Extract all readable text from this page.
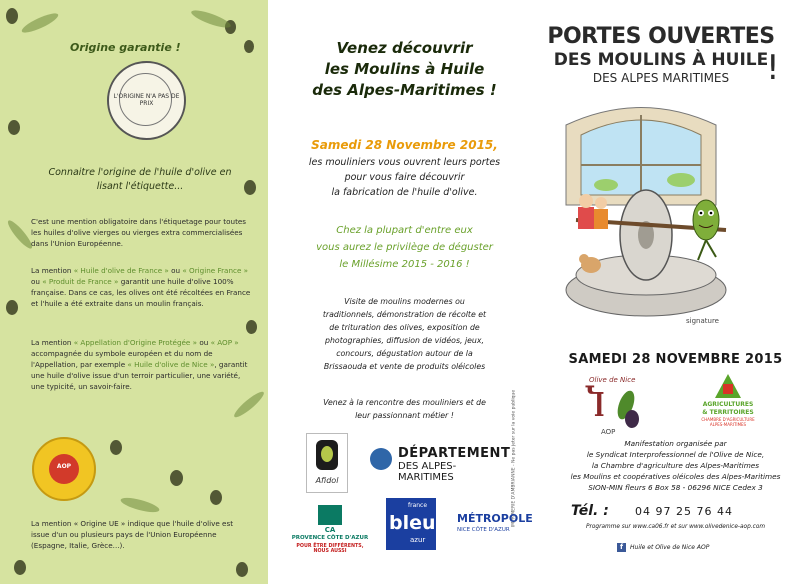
Origine garantie !
L'ORIGINE N'A PAS DE PRIX
Connaitre l'origine de l'huile d'olive en
lisant l'étiquette...
C'est une mention obligatoire dans l'étiquetage pour toutes les huiles d'olive vierges ou vierges extra commercialisées dans l'Union Européenne.
La mention « Huile d'olive de France » ou « Origine France » ou « Produit de France » garantit une huile d'olive 100% française. Dans ce cas, les olives ont été récoltées en France et l'huile a été extraite dans un moulin français.
La mention « Appellation d'Origine Protégée » ou « AOP » accompagnée du symbole européen et du nom de l'Appellation, par exemple « Huile d'olive de Nice », garantit une huile d'olive issue d'un terroir particulier, une variété, une typicité, un savoir-faire.
AOP
La mention « Origine UE » indique que l'huile d'olive est issue d'un ou plusieurs pays de l'Union Européenne (Espagne, Italie, Grèce...).
Venez découvrir
les Moulins à Huile
des Alpes-Maritimes !
Samedi 28 Novembre 2015,
les mouliniers vous ouvrent leurs portes
pour vous faire découvrir
la fabrication de l'huile d'olive.
Chez la plupart d'entre eux
vous aurez le privilège de déguster
le Millésime 2015 - 2016 !
Visite de moulins modernes ou
traditionnels, démonstration de récolte et
de trituration des olives, exposition de
photographies, diffusion de vidéos, jeux,
concours, dégustation autour de la
Brissaouda et vente de produits oléicoles
Venez à la rencontre des mouliniers et de
leur passionnant métier !	IMPRIMERIE D'AMBRIANNE - Ne pas jeter sur la voie publique
Afidol
DÉPARTEMENT
DES ALPES-MARITIMES
CA
PROVENCE CÔTE D'AZUR
POUR ÊTRE DIFFÉRENTS, NOUS AUSSI
france
bleu
azur
MÉTROPOLE
NICE CÔTE D'AZUR
PORTES OUVERTES
DES MOULINS À HUILE
DES ALPES MARITIMES	!
signature
SAMEDI 28 NOVEMBRE 2015
Olive de Nice
Ⴈ
AOP
AGRICULTURES
& TERRITOIRES
CHAMBRE D'AGRICULTURE
ALPES-MARITIMES
Manifestation organisée par
le Syndicat Interprofessionnel de l'Olive de Nice,
la Chambre d'agriculture des Alpes-Maritimes
les Moulins et coopératives oléicoles des Alpes-Maritimes
SION-MIN fleurs 6 Box 58 - 06296 NICE Cedex 3
Tél. : 04 97 25 76 44
Programme sur www.ca06.fr et sur www.olivedenice-aop.com
f	Huile et Olive de Nice AOP
